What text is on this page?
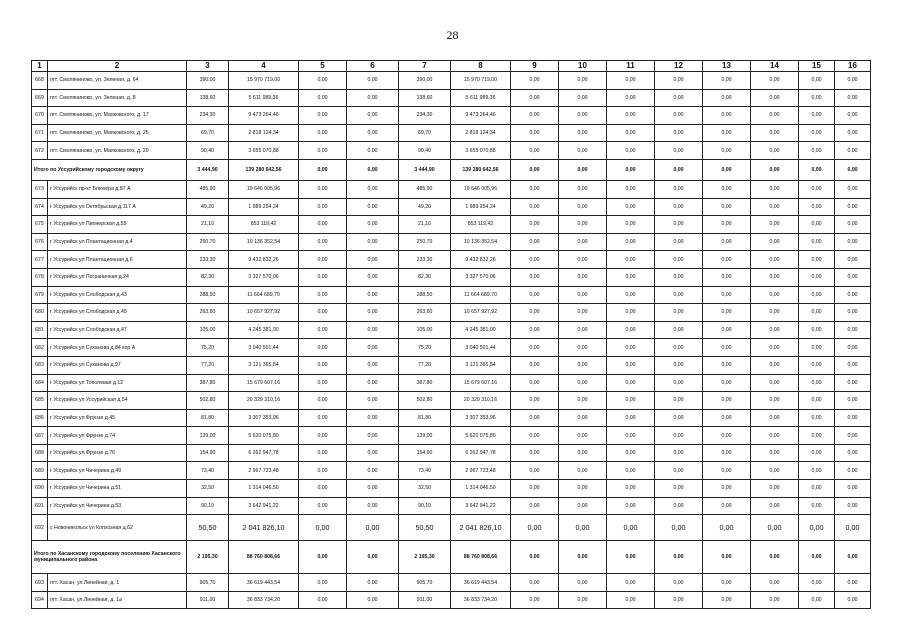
28
1	2	3	4	5	6	7	8	9	10	11	12	13	14	15	16
668	пгт. Смоляниново, ул. Зеленая, д. 64	390,00	15 970 719,00	0,00	0,00	390,00	15 970 719,00	0,00	0,00	0,00	0,00	0,00	0,00	0,00	0,00
669	пгт. Смоляниново, ул. Зеленая, д. 8	138,60	5 611 989,36	0,00	0,00	138,60	5 611 989,36	0,00	0,00	0,00	0,00	0,00	0,00	0,00	0,00
670	пгт. Смоляниново, ул. Маяковского, д. 17	234,30	9 473 264,46	0,00	0,00	234,30	9 473 264,46	0,00	0,00	0,00	0,00	0,00	0,00	0,00	0,00
671	пгт. Смоляниново, ул. Маяковского, д. 25	69,70	2 818 124,34	0,00	0,00	69,70	2 818 124,34	0,00	0,00	0,00	0,00	0,00	0,00	0,00	0,00
672	пгт. Смоляниново, ул. Маяковского, д. 29	90,40	3 655 070,88	0,00	0,00	90,40	3 655 070,88	0,00	0,00	0,00	0,00	0,00	0,00	0,00	0,00
Итого по Уссурийскому городскому округу		3 444,90	139 280 642,56	0,00	0,00	3 444,90	139 280 642,56	0,00	0,00	0,00	0,00	0,00	0,00	0,00	0,00
673	г Уссурийск пр-кт Блюхера д.87 А	485,90	19 646 005,96	0,00	0,00	485,90	19 646 005,96	0,00	0,00	0,00	0,00	0,00	0,00	0,00	0,00
674	г Уссурийск ул Октябрьская д.117 А	49,20	1 989 254,24	0,00	0,00	49,20	1 989 254,24	0,00	0,00	0,00	0,00	0,00	0,00	0,00	0,00
675	г Уссурийск ул Пионерская д.55	21,10	853 119,42	0,00	0,00	21,10	853 119,42	0,00	0,00	0,00	0,00	0,00	0,00	0,00	0,00
676	г Уссурийск ул Плантационная д.4	250,70	10 136 352,54	0,00	0,00	250,70	10 136 352,54	0,00	0,00	0,00	0,00	0,00	0,00	0,00	0,00
677	г Уссурийск ул Плантационная д.6	233,30	9 432 832,26	0,00	0,00	233,30	9 432 832,26	0,00	0,00	0,00	0,00	0,00	0,00	0,00	0,00
678	г Уссурийск ул Пограничная д.24	82,30	3 327 570,06	0,00	0,00	82,30	3 327 570,06	0,00	0,00	0,00	0,00	0,00	0,00	0,00	0,00
679	г Уссурийск ул Слободская д.43	288,50	11 664 689,70	0,00	0,00	288,50	11 664 689,70	0,00	0,00	0,00	0,00	0,00	0,00	0,00	0,00
680	г Уссурийск ул Слободская д.45	263,60	10 657 927,92	0,00	0,00	263,60	10 657 927,92	0,00	0,00	0,00	0,00	0,00	0,00	0,00	0,00
681	г Уссурийск ул Слободская д.47	105,00	4 245 381,00	0,00	0,00	105,00	4 245 381,00	0,00	0,00	0,00	0,00	0,00	0,00	0,00	0,00
682	г Уссурийск ул Суханова д.84 кор А	75,20	3 040 501,44	0,00	0,00	75,20	3 040 501,44	0,00	0,00	0,00	0,00	0,00	0,00	0,00	0,00
683	г Уссурийск ул Суханова д.97	77,20	3 121 365,84	0,00	0,00	77,20	3 121 365,84	0,00	0,00	0,00	0,00	0,00	0,00	0,00	0,00
684	г Уссурийск ул Тополевая д.12	387,80	15 679 607,16	0,00	0,00	387,80	15 679 607,16	0,00	0,00	0,00	0,00	0,00	0,00	0,00	0,00
685	г Уссурийск ул Уссурийская д.54	502,80	20 329 310,16	0,00	0,00	502,80	20 329 310,16	0,00	0,00	0,00	0,00	0,00	0,00	0,00	0,00
686	г Уссурийск ул Фрунзе д.45	81,80	3 307 353,96	0,00	0,00	81,80	3 307 353,96	0,00	0,00	0,00	0,00	0,00	0,00	0,00	0,00
687	г Уссурийск ул Фрунзе д.74	139,00	5 620 075,80	0,00	0,00	139,00	5 620 075,80	0,00	0,00	0,00	0,00	0,00	0,00	0,00	0,00
688	г Уссурийск ул Фрунзе д.76	154,90	6 262 947,78	0,00	0,00	154,90	6 262 947,78	0,00	0,00	0,00	0,00	0,00	0,00	0,00	0,00
689	г Уссурийск ул Чичерина д.49	73,40	2 967 723,48	0,00	0,00	73,40	2 967 723,48	0,00	0,00	0,00	0,00	0,00	0,00	0,00	0,00
690	г Уссурийск ул Чичерина д.51	32,50	1 314 046,50	0,00	0,00	32,50	1 314 046,50	0,00	0,00	0,00	0,00	0,00	0,00	0,00	0,00
691	г Уссурийск ул Чичерина д.53	90,10	3 642 941,22	0,00	0,00	90,10	3 642 941,22	0,00	0,00	0,00	0,00	0,00	0,00	0,00	0,00
692	с Новоникольск ул Колхозная д.62	50,50	2 041 826,10	0,00	0,00	50,50	2 041 826,10	0,00	0,00	0,00	0,00	0,00	0,00	0,00	0,00
Итого по Хасанскому городскому поселению Хасанского муниципального района		2 195,30	88 760 808,66	0,00	0,00	2 195,30	88 760 808,66	0,00	0,00	0,00	0,00	0,00	0,00	0,00	0,00
693	пгт. Хасан, ул.Линейная, д. 1	905,70	36 619 443,54	0,00	0,00	905,70	36 619 443,54	0,00	0,00	0,00	0,00	0,00	0,00	0,00	0,00
694	пгт. Хасан, ул.Линейная, д. 1а	911,00	36 833 734,20	0,00	0,00	911,00	36 833 734,20	0,00	0,00	0,00	0,00	0,00	0,00	0,00	0,00
